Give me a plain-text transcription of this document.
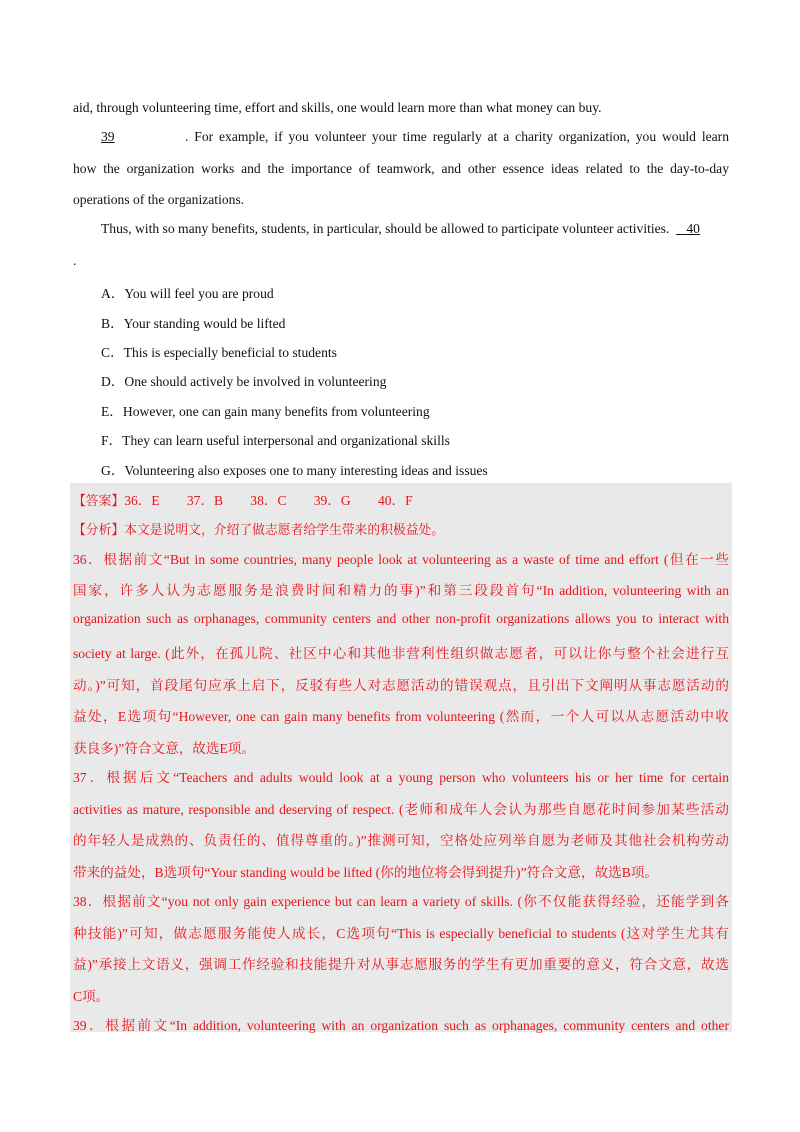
aid, through volunteering time, effort and skills, one would learn more than what money can buy.
39	. For example, if you volunteer your time regularly at a charity organization, you would learn
how the organization works and the importance of teamwork, and other essence ideas related to the day-to-day
operations of the organizations.
Thus, with so many benefits, students, in particular, should be allowed to participate volunteer activities. 40
.
A．You will feel you are proud
B．Your standing would be lifted
C．This is especially beneficial to students
D．One should actively be involved in volunteering
E．However, one can gain many benefits from volunteering
F．They can learn useful interpersonal and organizational skills
G．Volunteering also exposes one to many interesting ideas and issues
【答案】36．E　　37．B　　38．C　　39．G　　40．F
【分析】本文是说明文，介绍了做志愿者给学生带来的积极益处。
36．根据前文“But in some countries, many people look at volunteering as a waste of time and effort (但在一些
国家，许多人认为志愿服务是浪费时间和精力的事)”和第三段段首句“In addition, volunteering with an
organization such as orphanages, community centers and other non-profit organizations allows you to interact with
society at large. (此外，在孤儿院、社区中心和其他非营利性组织做志愿者，可以让你与整个社会进行互
动。)”可知，首段尾句应承上启下，反驳有些人对志愿活动的错误观点，且引出下文阐明从事志愿活动的
益处，E选项句“However, one can gain many benefits from volunteering (然而，一个人可以从志愿活动中收
获良多)”符合文意，故选E项。
37．根据后文“Teachers and adults would look at a young person who volunteers his or her time for certain
activities as mature, responsible and deserving of respect. (老师和成年人会认为那些自愿花时间参加某些活动
的年轻人是成熟的、负责任的、值得尊重的。)”推测可知，空格处应列举自愿为老师及其他社会机构劳动
带来的益处，B选项句“Your standing would be lifted (你的地位将会得到提升)”符合文意，故选B项。
38．根据前文“you not only gain experience but can learn a variety of skills. (你不仅能获得经验，还能学到各
种技能)”可知，做志愿服务能使人成长，C选项句“This is especially beneficial to students (这对学生尤其有
益)”承接上文语义，强调工作经验和技能提升对从事志愿服务的学生有更加重要的意义，符合文意，故选
C项。
39．根据前文“In addition, volunteering with an organization such as orphanages, community centers and other
